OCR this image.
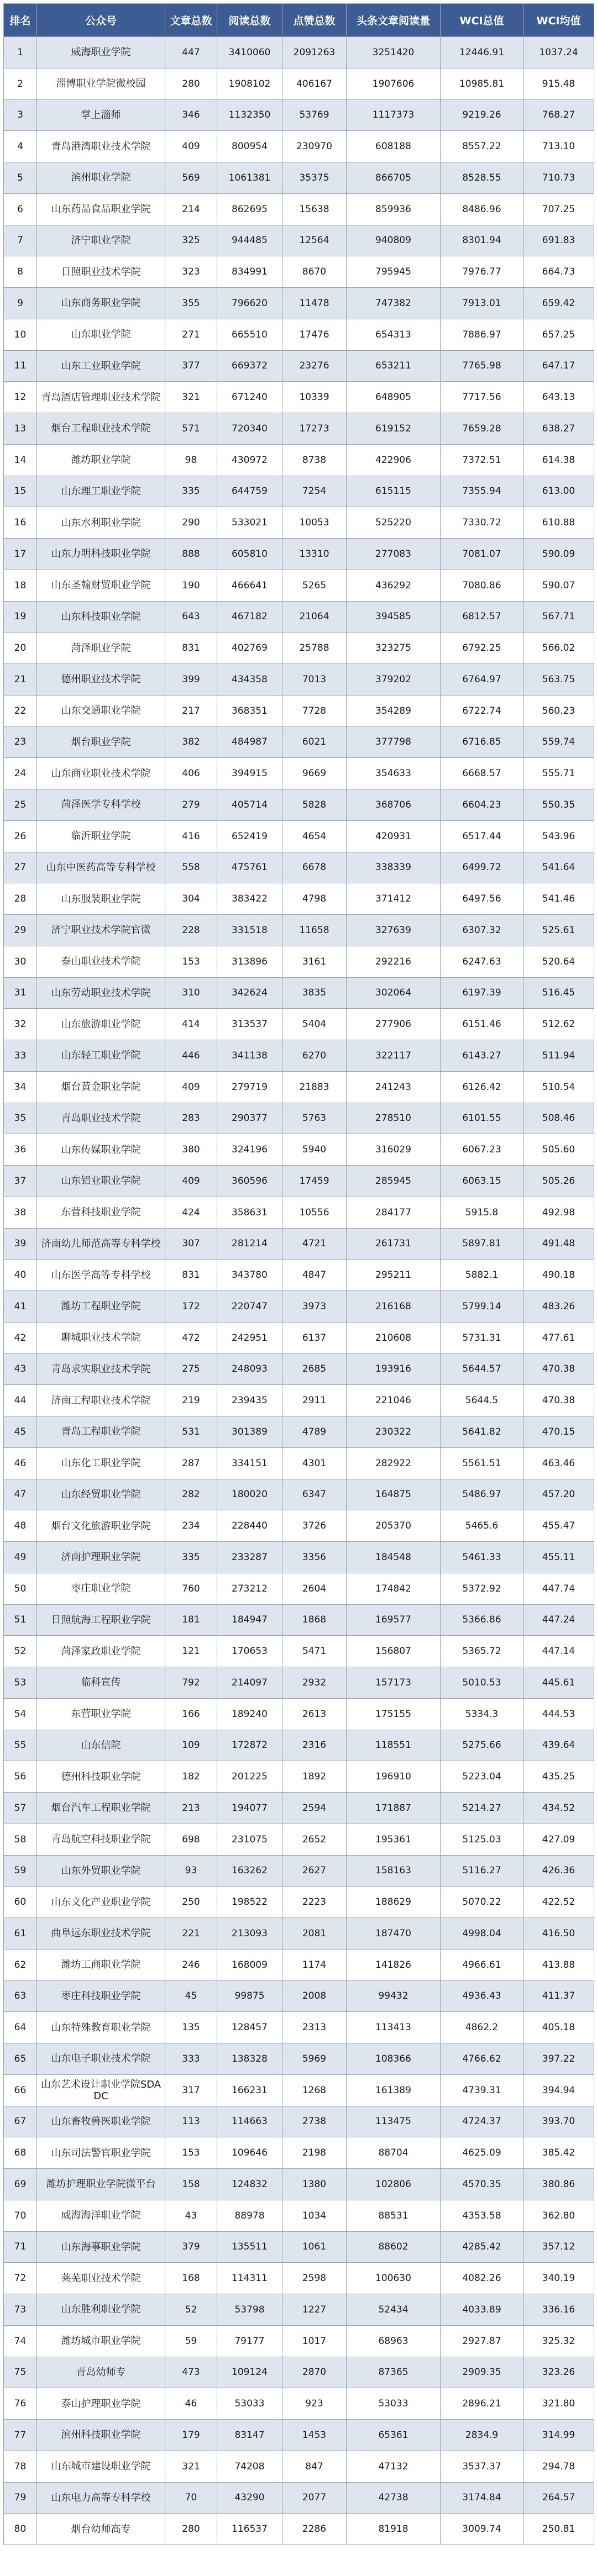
排名	公众号	文章总数	阅读总数	点赞总数	头条文章阅读量	WCI总值	WCI均值
1	威海职业学院	447	3410060	2091263	3251420	12446.91	1037.24
2	淄博职业学院微校园	280	1908102	406167	1907606	10985.81	915.48
3	掌上淄师	346	1132350	53769	1117373	9219.26	768.27
4	青岛港湾职业技术学院	409	800954	230970	608188	8557.22	713.10
5	滨州职业学院	569	1061381	35375	866705	8528.55	710.73
6	山东药品食品职业学院	214	862695	15638	859936	8486.96	707.25
7	济宁职业学院	325	944485	12564	940809	8301.94	691.83
8	日照职业技术学院	323	834991	8670	795945	7976.77	664.73
9	山东商务职业学院	355	796620	11478	747382	7913.01	659.42
10	山东职业学院	271	665510	17476	654313	7886.97	657.25
11	山东工业职业学院	377	669372	23276	653211	7765.98	647.17
12	青岛酒店管理职业技术学院	321	671240	10339	648905	7717.56	643.13
13	烟台工程职业技术学院	571	720340	17273	619152	7659.28	638.27
14	潍坊职业学院	98	430972	8738	422906	7372.51	614.38
15	山东理工职业学院	335	644759	7254	615115	7355.94	613.00
16	山东水利职业学院	290	533021	10053	525220	7330.72	610.88
17	山东力明科技职业学院	888	605810	13310	277083	7081.07	590.09
18	山东圣翰财贸职业学院	190	466641	5265	436292	7080.86	590.07
19	山东科技职业学院	643	467182	21064	394585	6812.57	567.71
20	菏泽职业学院	831	402769	25788	323275	6792.25	566.02
21	德州职业技术学院	399	434358	7013	379202	6764.97	563.75
22	山东交通职业学院	217	368351	7728	354289	6722.74	560.23
23	烟台职业学院	382	484987	6021	377798	6716.85	559.74
24	山东商业职业技术学院	406	394915	9669	354633	6668.57	555.71
25	菏泽医学专科学校	279	405714	5828	368706	6604.23	550.35
26	临沂职业学院	416	652419	4654	420931	6517.44	543.96
27	山东中医药高等专科学校	558	475761	6678	338339	6499.72	541.64
28	山东服装职业学院	304	383422	4798	371412	6497.56	541.46
29	济宁职业技术学院官微	228	331518	11658	327639	6307.32	525.61
30	泰山职业技术学院	153	313896	3161	292216	6247.63	520.64
31	山东劳动职业技术学院	310	342624	3835	302064	6197.39	516.45
32	山东旅游职业学院	414	313537	5404	277906	6151.46	512.62
33	山东轻工职业学院	446	341138	6270	322117	6143.27	511.94
34	烟台黄金职业学院	409	279719	21883	241243	6126.42	510.54
35	青岛职业技术学院	283	290377	5763	278510	6101.55	508.46
36	山东传媒职业学院	380	324196	5940	316029	6067.23	505.60
37	山东铝业职业学院	409	360596	17459	285945	6063.15	505.26
38	东营科技职业学院	424	358631	10556	284177	5915.8	492.98
39	济南幼儿师范高等专科学校	307	281214	4721	261731	5897.81	491.48
40	山东医学高等专科学校	831	343780	4847	295211	5882.1	490.18
41	潍坊工程职业学院	172	220747	3973	216168	5799.14	483.26
42	聊城职业技术学院	472	242951	6137	210608	5731.31	477.61
43	青岛求实职业技术学院	275	248093	2685	193916	5644.57	470.38
44	济南工程职业技术学院	219	239435	2911	221046	5644.5	470.38
45	青岛工程职业学院	531	301389	4789	230322	5641.82	470.15
46	山东化工职业学院	287	334151	4301	282922	5561.51	463.46
47	山东经贸职业学院	282	180020	6347	164875	5486.97	457.20
48	烟台文化旅游职业学院	234	228440	3726	205370	5465.6	455.47
49	济南护理职业学院	335	233287	3356	184548	5461.33	455.11
50	枣庄职业学院	760	273212	2604	174842	5372.92	447.74
51	日照航海工程职业学院	181	184947	1868	169577	5366.86	447.24
52	菏泽家政职业学院	121	170653	5471	156807	5365.72	447.14
53	临科宣传	792	214097	2932	157173	5010.53	445.61
54	东营职业学院	166	189240	2613	175155	5334.3	444.53
55	山东信院	109	172872	2316	118551	5275.66	439.64
56	德州科技职业学院	182	201225	1892	196910	5223.04	435.25
57	烟台汽车工程职业学院	213	194077	2594	171887	5214.27	434.52
58	青岛航空科技职业学院	698	231075	2652	195361	5125.03	427.09
59	山东外贸职业学院	93	163262	2627	158163	5116.27	426.36
60	山东文化产业职业学院	250	198522	2223	188629	5070.22	422.52
61	曲阜远东职业技术学院	221	213093	2081	187470	4998.04	416.50
62	潍坊工商职业学院	246	168009	1174	141826	4966.61	413.88
63	枣庄科技职业学院	45	99875	2008	99432	4936.43	411.37
64	山东特殊教育职业学院	135	128457	2313	113413	4862.2	405.18
65	山东电子职业技术学院	333	138328	5969	108366	4766.62	397.22
66	山东艺术设计职业学院SDADC	317	166231	1268	161389	4739.31	394.94
67	山东畜牧兽医职业学院	113	114663	2738	113475	4724.37	393.70
68	山东司法警官职业学院	153	109646	2198	88704	4625.09	385.42
69	潍坊护理职业学院微平台	158	124832	1380	102806	4570.35	380.86
70	威海海洋职业学院	43	88978	1034	88531	4353.58	362.80
71	山东海事职业学院	379	135511	1061	88602	4285.42	357.12
72	莱芜职业技术学院	168	114311	2598	100630	4082.26	340.19
73	山东胜利职业学院	52	53798	1227	52434	4033.89	336.16
74	潍坊城市职业学院	59	79177	1017	68963	2927.87	325.32
75	青岛幼师专	473	109124	2870	87365	2909.35	323.26
76	泰山护理职业学院	46	53033	923	53033	2896.21	321.80
77	滨州科技职业学院	179	83147	1453	65361	2834.9	314.99
78	山东城市建设职业学院	321	74208	847	47132	3537.37	294.78
79	山东电力高等专科学校	70	43290	2077	42738	3174.84	264.57
80	烟台幼师高专	280	116537	2286	81918	3009.74	250.81
